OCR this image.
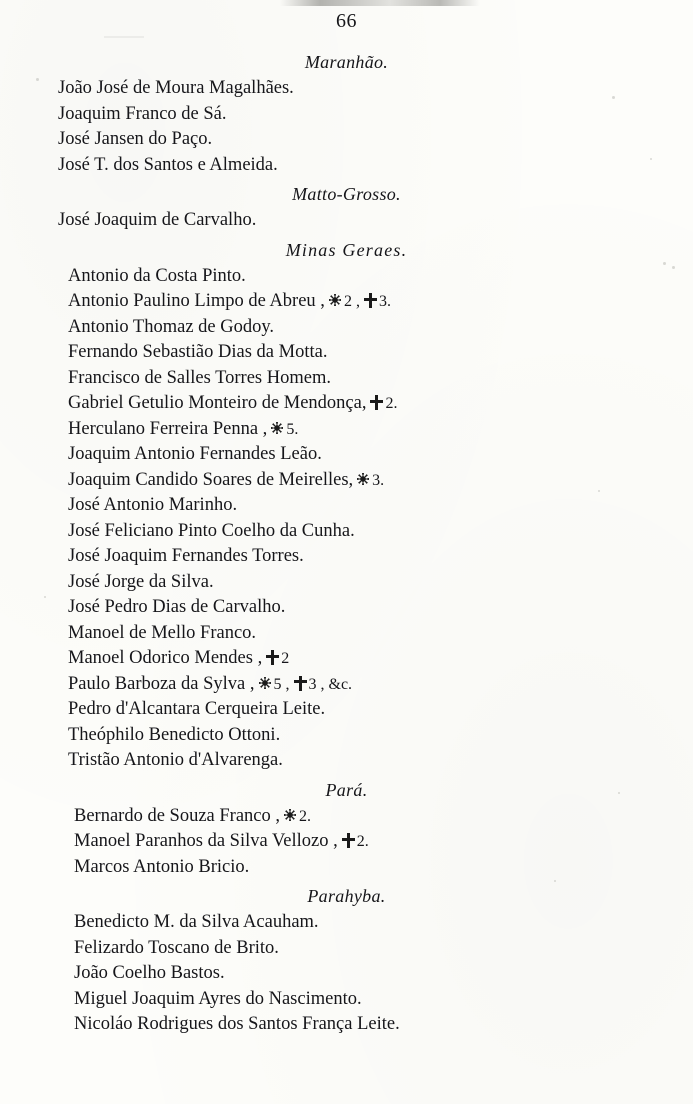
66
Maranhão.
João José de Moura Magalhães.
Joaquim Franco de Sá.
José Jansen do Paço.
José T. dos Santos e Almeida.
Matto-Grosso.
José Joaquim de Carvalho.
Minas Geraes.
Antonio da Costa Pinto.
Antonio Paulino Limpo de Abreu , 2 , 3.
Antonio Thomaz de Godoy.
Fernando Sebastião Dias da Motta.
Francisco de Salles Torres Homem.
Gabriel Getulio Monteiro de Mendonça, 2.
Herculano Ferreira Penna , 5.
Joaquim Antonio Fernandes Leão.
Joaquim Candido Soares de Meirelles, 3.
José Antonio Marinho.
José Feliciano Pinto Coelho da Cunha.
José Joaquim Fernandes Torres.
José Jorge da Silva.
José Pedro Dias de Carvalho.
Manoel de Mello Franco.
Manoel Odorico Mendes , 2
Paulo Barboza da Sylva , 5 , 3 , &c.
Pedro d'Alcantara Cerqueira Leite.
Theóphilo Benedicto Ottoni.
Tristão Antonio d'Alvarenga.
Pará.
Bernardo de Souza Franco , 2.
Manoel Paranhos da Silva Vellozo , 2.
Marcos Antonio Bricio.
Parahyba.
Benedicto M. da Silva Acauham.
Felizardo Toscano de Brito.
João Coelho Bastos.
Miguel Joaquim Ayres do Nascimento.
Nicoláo Rodrigues dos Santos França Leite.
